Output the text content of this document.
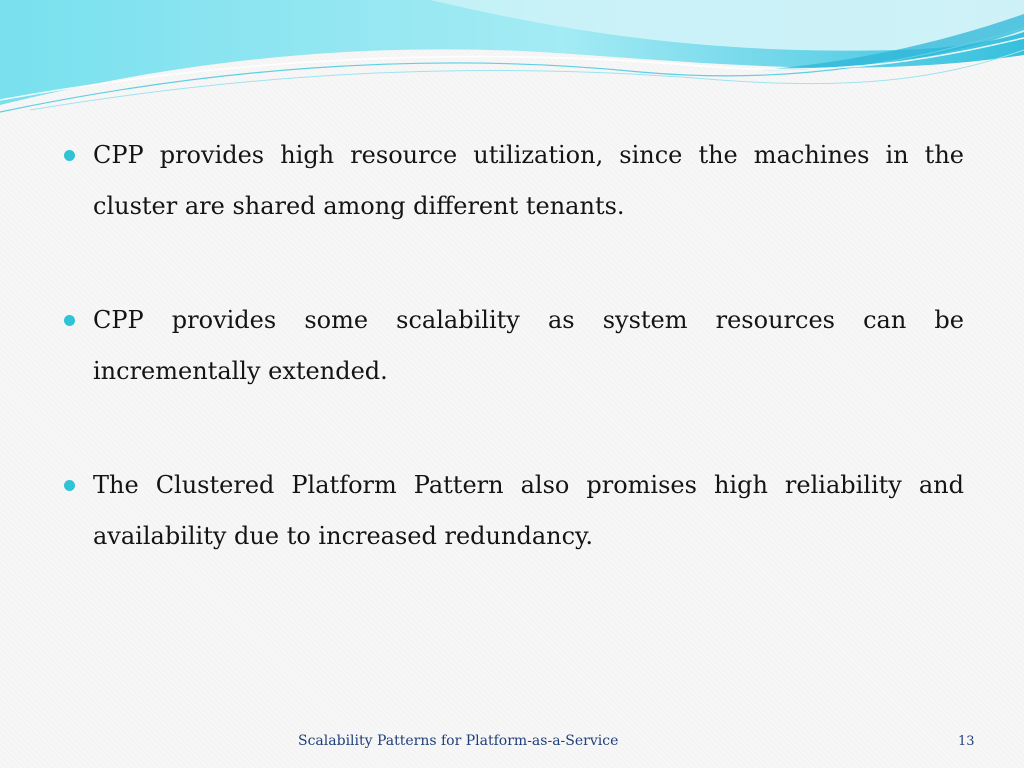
CPP provides high resource utilization, since the machines in the cluster are shared among different tenants.
CPP provides some scalability as system resources can be incrementally extended.
The Clustered Platform Pattern also promises high reliability and availability due to increased redundancy.
Scalability Patterns for Platform-as-a-Service	13
